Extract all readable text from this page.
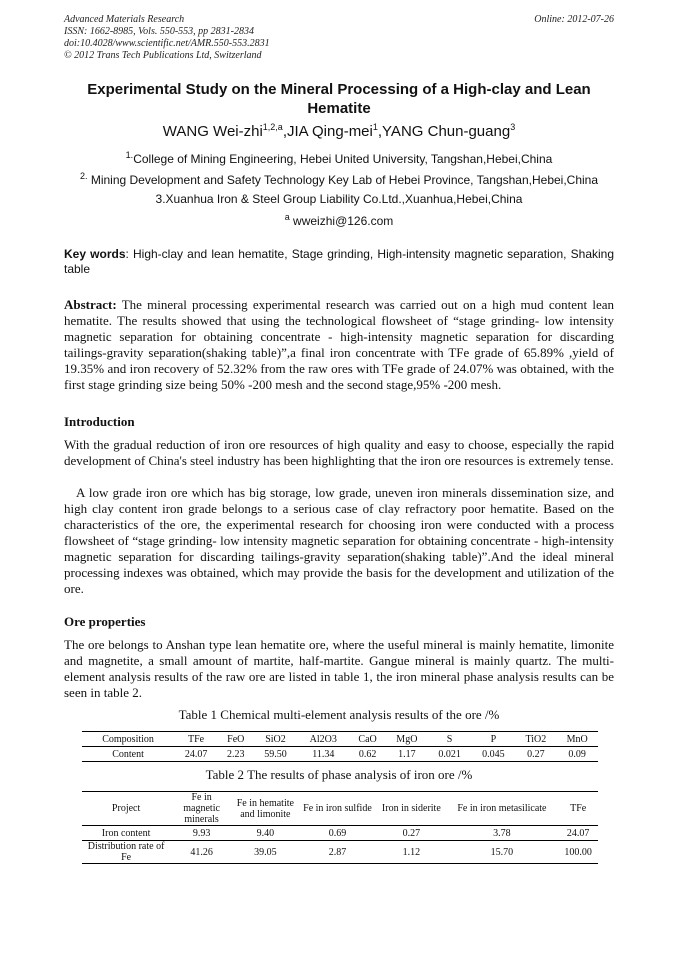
Advanced Materials Research
ISSN: 1662-8985, Vols. 550-553, pp 2831-2834
doi:10.4028/www.scientific.net/AMR.550-553.2831
© 2012 Trans Tech Publications Ltd, Switzerland
Online: 2012-07-26
Experimental Study on the Mineral Processing of a High-clay and Lean Hematite
WANG Wei-zhi$^{1,2,a}$,JIA Qing-mei$^1$,YANG Chun-guang$^3$
$^{1.}$College of Mining Engineering, Hebei United University, Tangshan,Hebei,China
$^{2.}$ Mining Development and Safety Technology Key Lab of Hebei Province, Tangshan,Hebei,China
3.Xuanhua Iron & Steel Group Liability Co.Ltd.,Xuanhua,Hebei,China
$^a$ wweizhi@126.com
Key words: High-clay and lean hematite, Stage grinding, High-intensity magnetic separation, Shaking table
Abstract: The mineral processing experimental research was carried out on a high mud content lean hematite. The results showed that using the technological flowsheet of “stage grinding- low intensity magnetic separation for obtaining concentrate - high-intensity magnetic separation for discarding tailings-gravity separation(shaking table)”,a final iron concentrate with TFe grade of 65.89% ,yield of 19.35% and iron recovery of 52.32% from the raw ores with TFe grade of 24.07% was obtained, with the first stage grinding size being 50% -200 mesh and the second stage,95% -200 mesh.
Introduction
With the gradual reduction of iron ore resources of high quality and easy to choose, especially the rapid development of China's steel industry has been highlighting that the iron ore resources is extremely tense.
A low grade iron ore which has big storage, low grade, uneven iron minerals dissemination size, and high clay content iron grade belongs to a serious case of clay refractory poor hematite. Based on the characteristics of the ore, the experimental research for choosing iron were conducted with a process flowsheet of “stage grinding- low intensity magnetic separation for obtaining concentrate - high-intensity magnetic separation for discarding tailings-gravity separation(shaking table)”.And the ideal mineral processing indexes was obtained, which may provide the basis for the development and utilization of the ore.
Ore properties
The ore belongs to Anshan type lean hematite ore, where the useful mineral is mainly hematite, limonite and magnetite, a small amount of martite, half-martite. Gangue mineral is mainly quartz. The multi-element analysis results of the raw ore are listed in table 1, the iron mineral phase analysis results can be seen in table 2.
Table 1 Chemical multi-element analysis results of the ore /%
Composition	TFe	FeO	SiO2	Al2O3	CaO	MgO	S	P	TiO2	MnO
Content	24.07	2.23	59.50	11.34	0.62	1.17	0.021	0.045	0.27	0.09
Table 2 The results of phase analysis of iron ore /%
Project	Fe in magnetic minerals	Fe in hematite and limonite	Fe in iron sulfide	Iron in siderite	Fe in iron metasilicate	TFe
Iron content	9.93	9.40	0.69	0.27	3.78	24.07
Distribution rate of Fe	41.26	39.05	2.87	1.12	15.70	100.00
